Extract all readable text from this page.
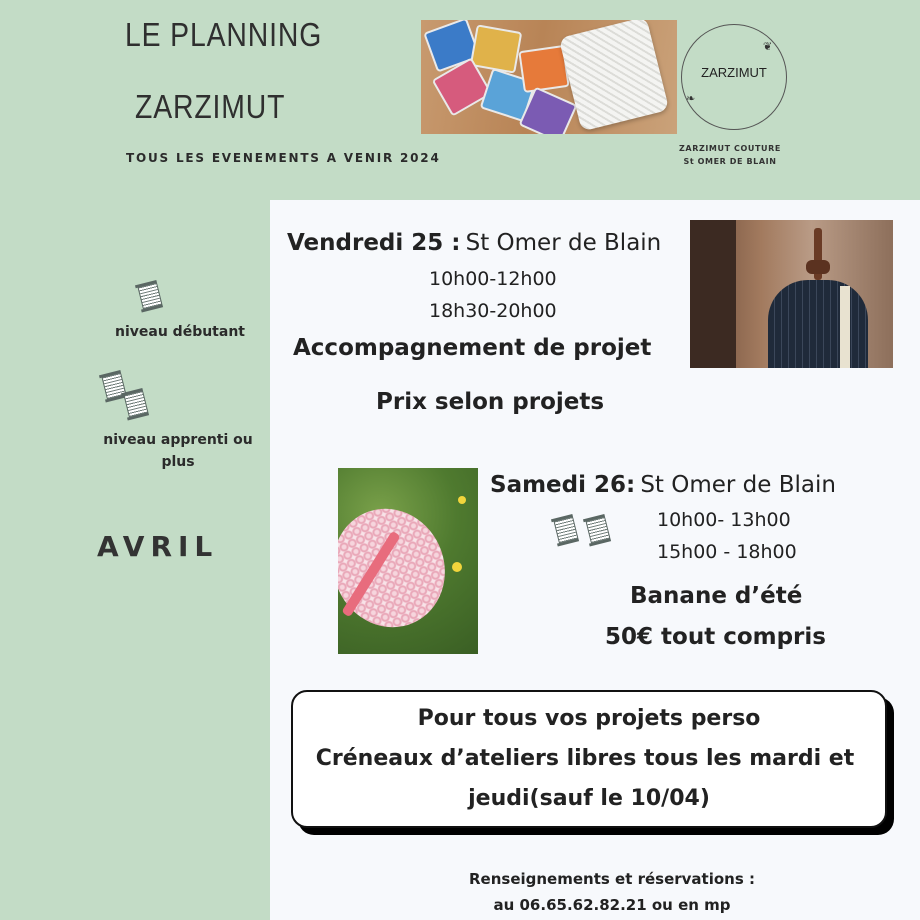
LE PLANNING
ZARZIMUT
TOUS LES EVENEMENTS A VENIR 2024
❦
❧
ZARZIMUT
ZARZIMUT COUTURE
St OMER DE BLAIN
niveau débutant
niveau apprenti ou plus
AVRIL
Vendredi 25 : St Omer de Blain
10h00-12h00
18h30-20h00
Accompagnement de projet
Prix selon projets
Samedi 26: St Omer de Blain
10h00- 13h00
15h00 - 18h00
Banane d’été
50€ tout compris
Pour tous vos projets perso
Créneaux d’ateliers libres tous les mardi et
jeudi(sauf le 10/04)
Renseignements et réservations :
au 06.65.62.82.21 ou en mp
